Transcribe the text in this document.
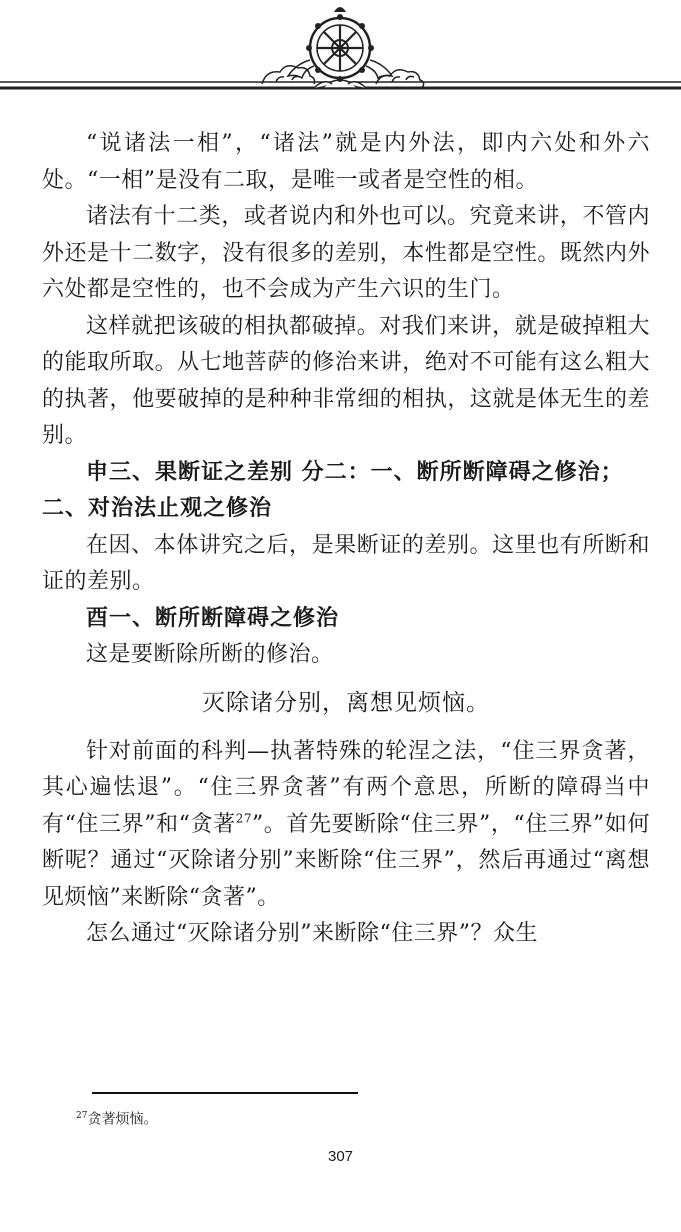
“说诸法一相”，“诸法”就是内外法，即内六处和外六处。“一相”是没有二取，是唯一或者是空性的相。

诸法有十二类，或者说内和外也可以。究竟来讲，不管内外还是十二数字，没有很多的差别，本性都是空性。既然内外六处都是空性的，也不会成为产生六识的生门。

这样就把该破的相执都破掉。对我们来讲，就是破掉粗大的能取所取。从七地菩萨的修治来讲，绝对不可能有这么粗大的执著，他要破掉的是种种非常细的相执，这就是体无生的差别。

申三、果断证之差别 分二：一、断所断障碍之修治；二、对治法止观之修治

在因、本体讲究之后，是果断证的差别。这里也有所断和证的差别。

酉一、断所断障碍之修治

这是要断除所断的修治。

灭除诸分别，离想见烦恼。

针对前面的科判—执著特殊的轮涅之法，“住三界贪著，其心遍怯退”。“住三界贪著”有两个意思，所断的障碍当中有“住三界”和“贪著$^{27}$”。首先要断除“住三界”，“住三界”如何断呢？通过“灭除诸分别”来断除“住三界”，然后再通过“离想见烦恼”来断除“贪著”。

怎么通过“灭除诸分别”来断除“住三界”？众生

$^{27}$贪著烦恼。
307
